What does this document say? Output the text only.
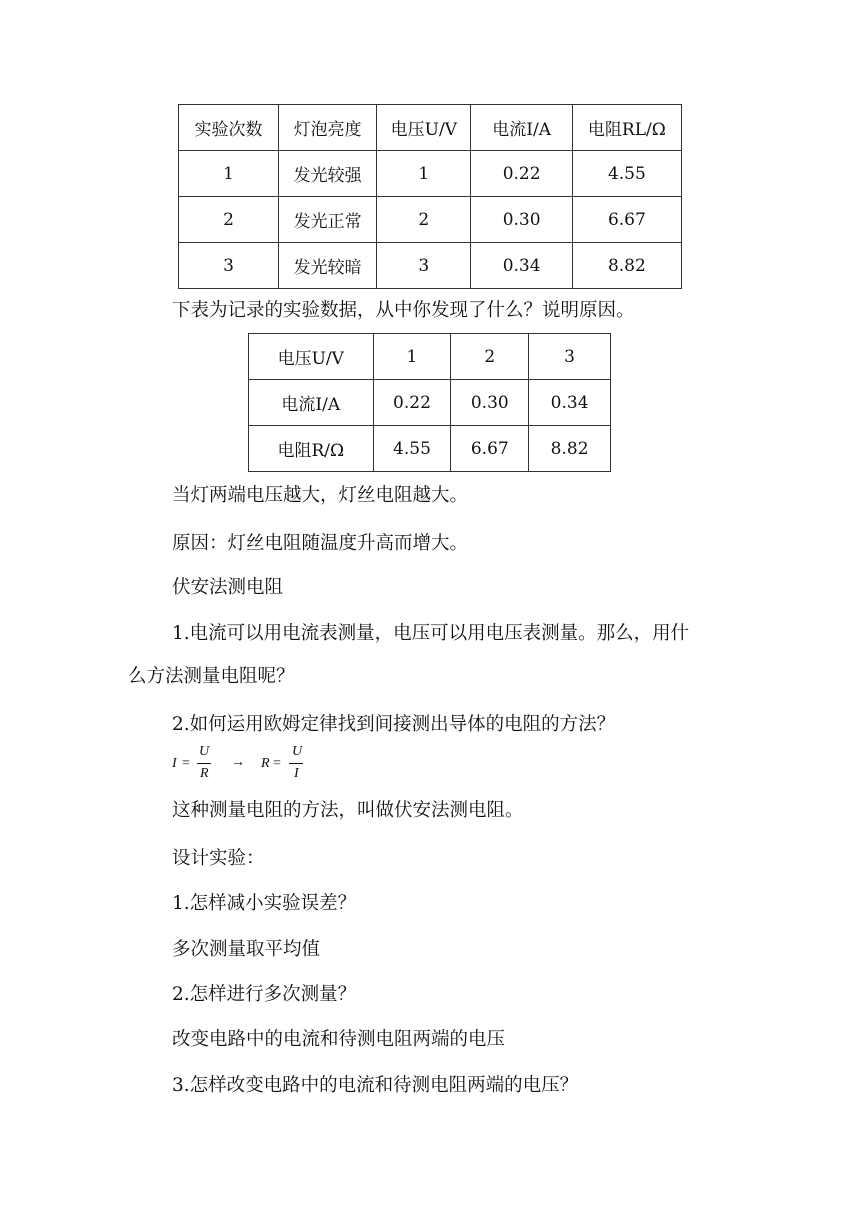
实验次数	灯泡亮度	电压U/V	电流I/A	电阻RL/Ω
1	发光较强	1	0.22	4.55
2	发光正常	2	0.30	6.67
3	发光较暗	3	0.34	8.82
下表为记录的实验数据，从中你发现了什么？说明原因。
电压U/V	1	2	3
电流I/A	0.22	0.30	0.34
电阻R/Ω	4.55	6.67	8.82
当灯两端电压越大，灯丝电阻越大。
原因：灯丝电阻随温度升高而增大。
伏安法测电阻
1.电流可以用电流表测量，电压可以用电压表测量。那么，用什
么方法测量电阻呢？
2.如何运用欧姆定律找到间接测出导体的电阻的方法？
I =
U
R
→ R =
U
I
这种测量电阻的方法，叫做伏安法测电阻。
设计实验：
1.怎样减小实验误差？
多次测量取平均值
2.怎样进行多次测量？
改变电路中的电流和待测电阻两端的电压
3.怎样改变电路中的电流和待测电阻两端的电压？
